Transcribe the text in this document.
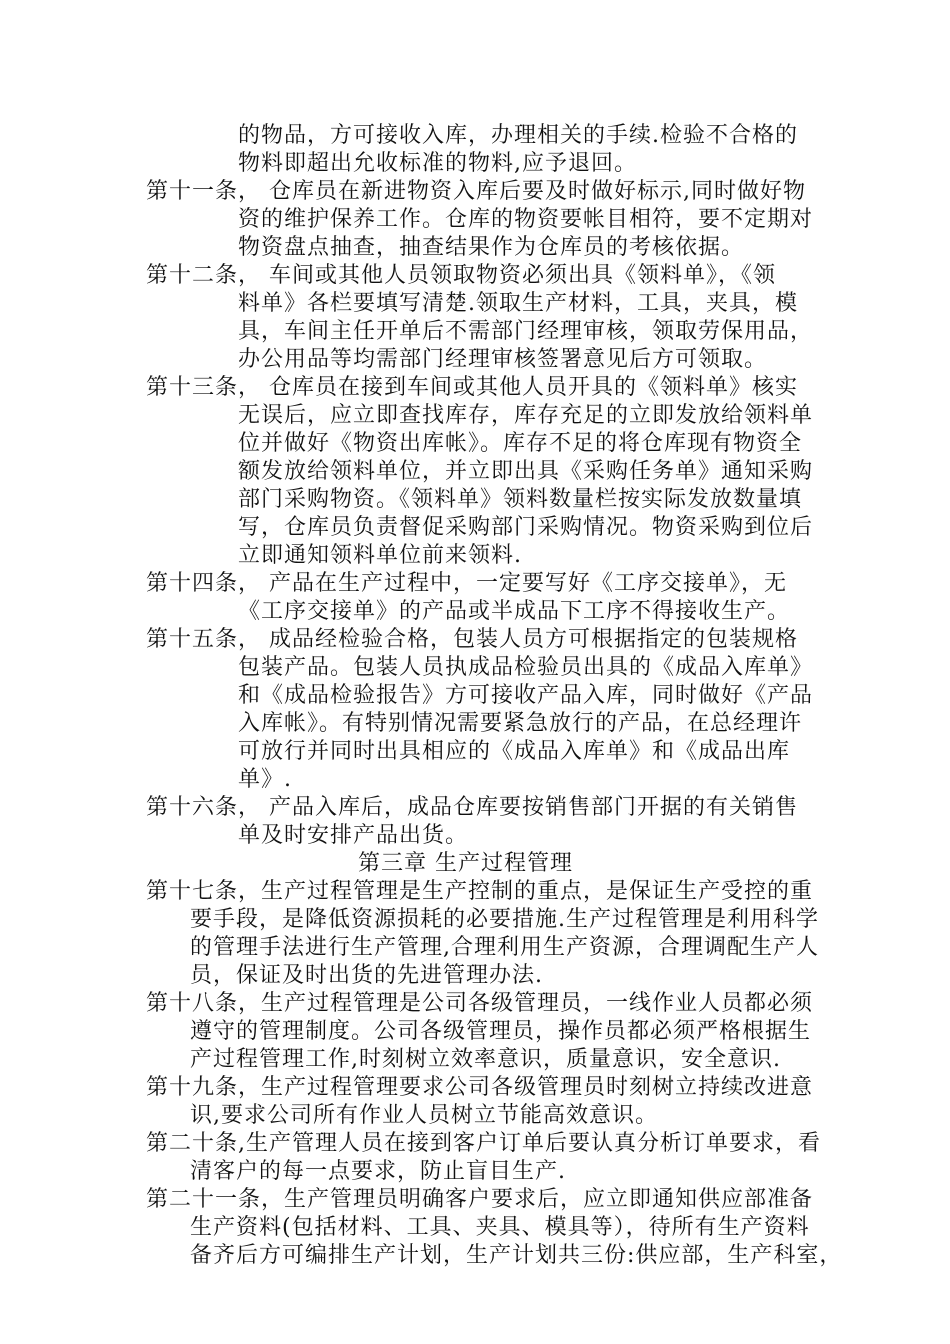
的物品，方可接收入库，办理相关的手续.检验不合格的
物料即超出允收标准的物料,应予退回。
第十一条， 仓库员在新进物资入库后要及时做好标示,同时做好物
资的维护保养工作。仓库的物资要帐目相符，要不定期对
物资盘点抽查，抽查结果作为仓库员的考核依据。
第十二条， 车间或其他人员领取物资必须出具《领料单》，《领
料单》各栏要填写清楚.领取生产材料，工具，夹具，模
具，车间主任开单后不需部门经理审核，领取劳保用品，
办公用品等均需部门经理审核签署意见后方可领取。
第十三条， 仓库员在接到车间或其他人员开具的《领料单》核实
无误后，应立即查找库存，库存充足的立即发放给领料单
位并做好《物资出库帐》。库存不足的将仓库现有物资全
额发放给领料单位，并立即出具《采购任务单》通知采购
部门采购物资。《领料单》领料数量栏按实际发放数量填
写，仓库员负责督促采购部门采购情况。物资采购到位后
立即通知领料单位前来领料.
第十四条， 产品在生产过程中，一定要写好《工序交接单》，无
《工序交接单》的产品或半成品下工序不得接收生产。
第十五条， 成品经检验合格，包装人员方可根据指定的包装规格
包装产品。包装人员执成品检验员出具的《成品入库单》
和《成品检验报告》方可接收产品入库，同时做好《产品
入库帐》。有特别情况需要紧急放行的产品，在总经理许
可放行并同时出具相应的《成品入库单》和《成品出库
单》.
第十六条， 产品入库后，成品仓库要按销售部门开据的有关销售
单及时安排产品出货。
第三章 生产过程管理
第十七条，生产过程管理是生产控制的重点，是保证生产受控的重
要手段，是降低资源损耗的必要措施.生产过程管理是利用科学
的管理手法进行生产管理,合理利用生产资源，合理调配生产人
员，保证及时出货的先进管理办法.
第十八条，生产过程管理是公司各级管理员，一线作业人员都必须
遵守的管理制度。公司各级管理员，操作员都必须严格根据生
产过程管理工作,时刻树立效率意识，质量意识，安全意识.
第十九条，生产过程管理要求公司各级管理员时刻树立持续改进意
识,要求公司所有作业人员树立节能高效意识。
第二十条,生产管理人员在接到客户订单后要认真分析订单要求，看
清客户的每一点要求，防止盲目生产.
第二十一条，生产管理员明确客户要求后，应立即通知供应部准备
生产资料(包括材料、工具、夹具、模具等），待所有生产资料
备齐后方可编排生产计划，生产计划共三份:供应部，生产科室，
